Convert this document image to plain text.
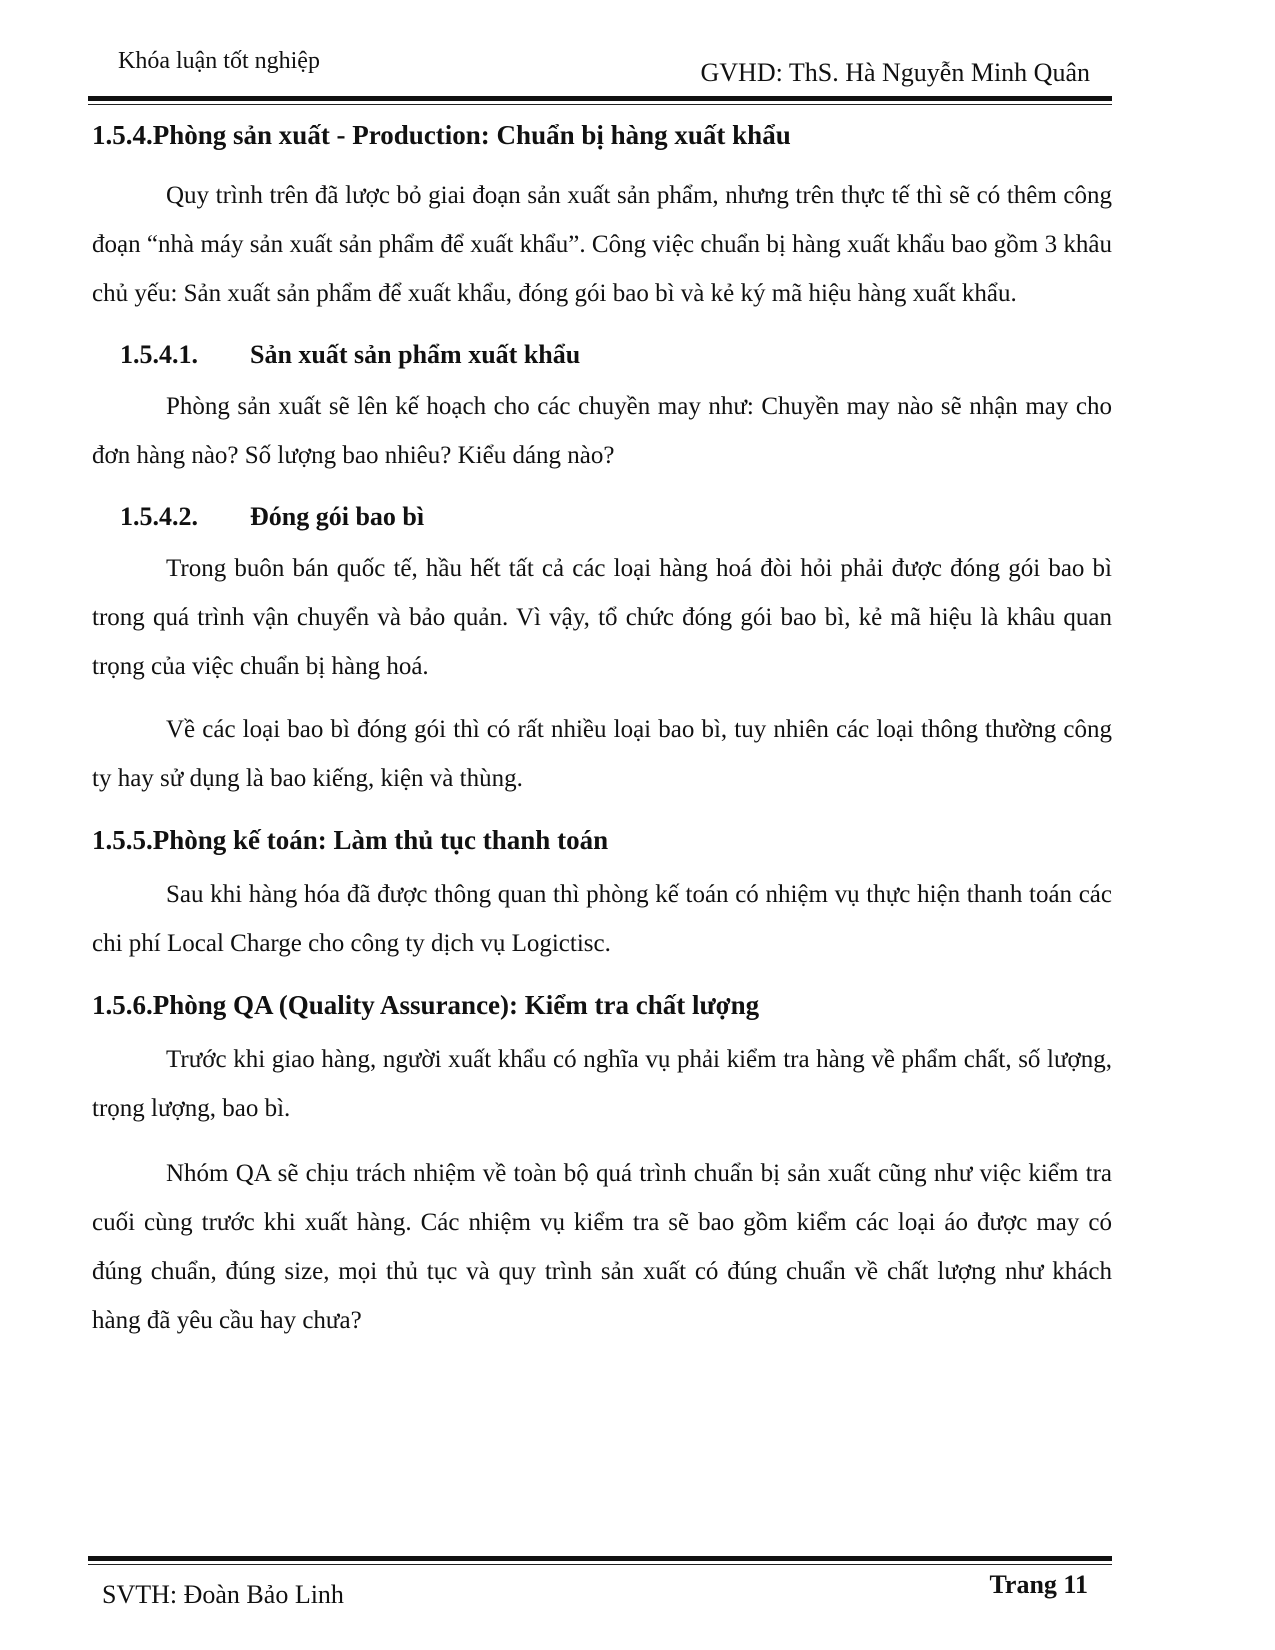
Khóa luận tốt nghiệp	GVHD: ThS. Hà Nguyễn Minh Quân
1.5.4.Phòng sản xuất - Production: Chuẩn bị hàng xuất khẩu

Quy trình trên đã lược bỏ giai đoạn sản xuất sản phẩm, nhưng trên thực tế thì sẽ có thêm công đoạn “nhà máy sản xuất sản phẩm để xuất khẩu”. Công việc chuẩn bị hàng xuất khẩu bao gồm 3 khâu chủ yếu: Sản xuất sản phẩm để xuất khẩu, đóng gói bao bì và kẻ ký mã hiệu hàng xuất khẩu.

1.5.4.1.	Sản xuất sản phẩm xuất khẩu

Phòng sản xuất sẽ lên kế hoạch cho các chuyền may như: Chuyền may nào sẽ nhận may cho đơn hàng nào? Số lượng bao nhiêu? Kiểu dáng nào?

1.5.4.2.	Đóng gói bao bì

Trong buôn bán quốc tế, hầu hết tất cả các loại hàng hoá đòi hỏi phải được đóng gói bao bì trong quá trình vận chuyển và bảo quản. Vì vậy, tổ chức đóng gói bao bì, kẻ mã hiệu là khâu quan trọng của việc chuẩn bị hàng hoá.

Về các loại bao bì đóng gói thì có rất nhiều loại bao bì, tuy nhiên các loại thông thường công ty hay sử dụng là bao kiếng, kiện và thùng.

1.5.5.Phòng kế toán: Làm thủ tục thanh toán

Sau khi hàng hóa đã được thông quan thì phòng kế toán có nhiệm vụ thực hiện thanh toán các chi phí Local Charge cho công ty dịch vụ Logictisc.

1.5.6.Phòng QA (Quality Assurance): Kiểm tra chất lượng

Trước khi giao hàng, người xuất khẩu có nghĩa vụ phải kiểm tra hàng về phẩm chất, số lượng, trọng lượng, bao bì.

Nhóm QA sẽ chịu trách nhiệm về toàn bộ quá trình chuẩn bị sản xuất cũng như việc kiểm tra cuối cùng trước khi xuất hàng. Các nhiệm vụ kiểm tra sẽ bao gồm kiểm các loại áo được may có đúng chuẩn, đúng size, mọi thủ tục và quy trình sản xuất có đúng chuẩn về chất lượng như khách hàng đã yêu cầu hay chưa?

SVTH: Đoàn Bảo Linh	Trang 11
